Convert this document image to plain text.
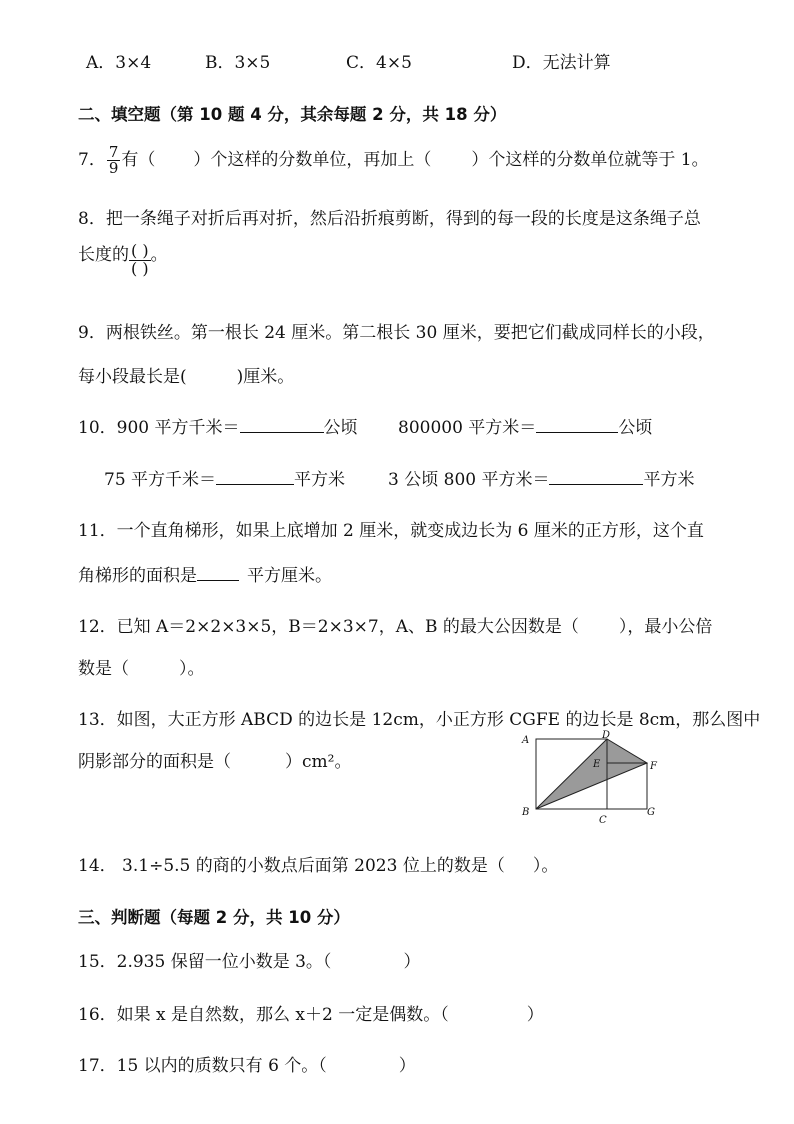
A．3×4	B．3×5	C．4×5	D．无法计算
二、填空题（第 10 题 4 分，其余每题 2 分，共 18 分）
7． $\frac{7}{9}$ 有（ ）个这样的分数单位，再加上（ ）个这样的分数单位就等于 1。
8．把一条绳子对折后再对折，然后沿折痕剪断，得到的每一段的长度是这条绳子总
长度的 $\frac{( )}{( )}$ 。
9．两根铁丝。第一根长 24 厘米。第二根长 30 厘米，要把它们截成同样长的小段，
每小段最长是(	)厘米。
10．900 平方千米＝	公顷 800000 平方米＝	公顷
75 平方千米＝	平方米	3 公顷 800 平方米＝	平方米
11．一个直角梯形，如果上底增加 2 厘米，就变成边长为 6 厘米的正方形，这个直
角梯形的面积是	平方厘米。
12．已知 A＝2×2×3×5，B＝2×3×7，A、B 的最大公因数是（ ），最小公倍
数是（	）。
13．如图，大正方形 ABCD 的边长是 12cm，小正方形 CGFE 的边长是 8cm，那么图中
阴影部分的面积是（	）cm²。
A
B
C
D
E	F
G
14． 3.1÷5.5 的商的小数点后面第 2023 位上的数是（ ）。
三、判断题（每题 2 分，共 10 分）
15．2.935 保留一位小数是 3。（	）
16．如果 x 是自然数，那么 x＋2 一定是偶数。（	）
17．15 以内的质数只有 6 个。（	）
